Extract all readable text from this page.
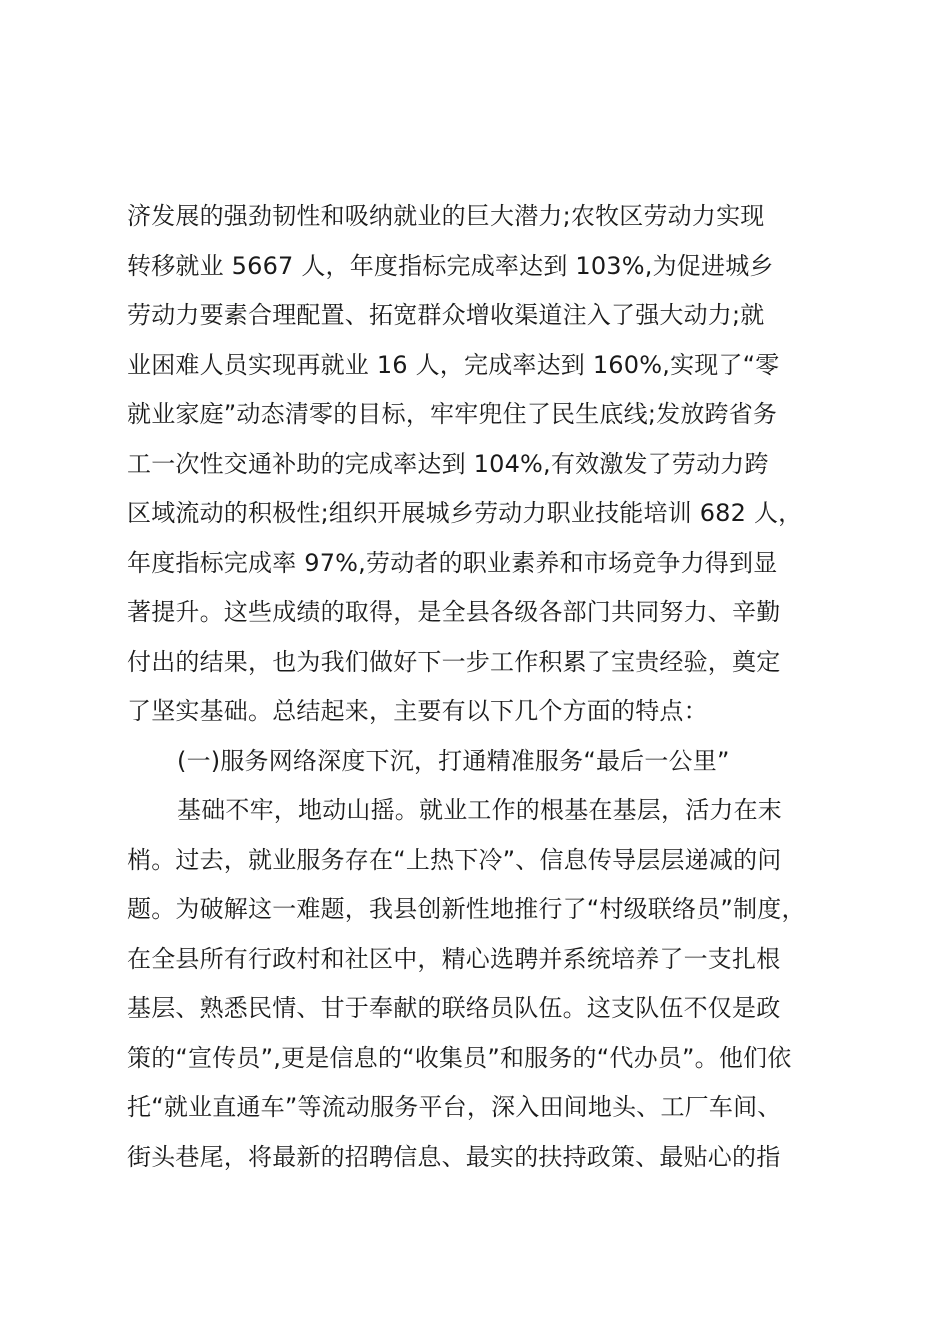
济发展的强劲韧性和吸纳就业的巨大潜力;农牧区劳动力实现
转移就业 5667 人，年度指标完成率达到 103%,为促进城乡
劳动力要素合理配置、拓宽群众增收渠道注入了强大动力;就
业困难人员实现再就业 16 人，完成率达到 160%,实现了“零
就业家庭”动态清零的目标，牢牢兜住了民生底线;发放跨省务
工一次性交通补助的完成率达到 104%,有效激发了劳动力跨
区域流动的积极性;组织开展城乡劳动力职业技能培训 682 人，
年度指标完成率 97%,劳动者的职业素养和市场竞争力得到显
著提升。这些成绩的取得，是全县各级各部门共同努力、辛勤
付出的结果，也为我们做好下一步工作积累了宝贵经验，奠定
了坚实基础。总结起来，主要有以下几个方面的特点：
(一)服务网络深度下沉，打通精准服务“最后一公里”
基础不牢，地动山摇。就业工作的根基在基层，活力在末
梢。过去，就业服务存在“上热下冷”、信息传导层层递减的问
题。为破解这一难题，我县创新性地推行了“村级联络员”制度，
在全县所有行政村和社区中，精心选聘并系统培养了一支扎根
基层、熟悉民情、甘于奉献的联络员队伍。这支队伍不仅是政
策的“宣传员”,更是信息的“收集员”和服务的“代办员”。他们依
托“就业直通车”等流动服务平台，深入田间地头、工厂车间、
街头巷尾，将最新的招聘信息、最实的扶持政策、最贴心的指
